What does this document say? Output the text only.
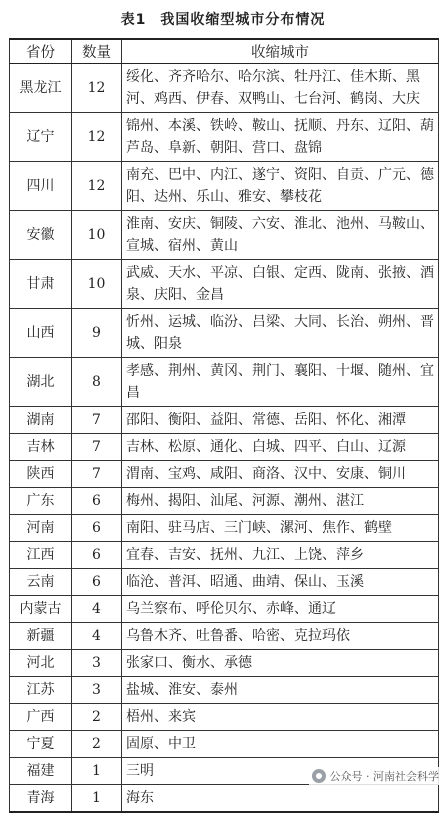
表1 我国收缩型城市分布情况
省份	数量	收缩城市
黑龙江	12	绥化、齐齐哈尔、哈尔滨、牡丹江、佳木斯、黑河、鸡西、伊春、双鸭山、七台河、鹤岗、大庆
辽宁	12	锦州、本溪、铁岭、鞍山、抚顺、丹东、辽阳、葫芦岛、阜新、朝阳、营口、盘锦
四川	12	南充、巴中、内江、遂宁、资阳、自贡、广元、德阳、达州、乐山、雅安、攀枝花
安徽	10	淮南、安庆、铜陵、六安、淮北、池州、马鞍山、宣城、宿州、黄山
甘肃	10	武威、天水、平凉、白银、定西、陇南、张掖、酒泉、庆阳、金昌
山西	9	忻州、运城、临汾、吕梁、大同、长治、朔州、晋城、阳泉
湖北	8	孝感、荆州、黄冈、荆门、襄阳、十堰、随州、宜昌
湖南	7	邵阳、衡阳、益阳、常德、岳阳、怀化、湘潭
吉林	7	吉林、松原、通化、白城、四平、白山、辽源
陕西	7	渭南、宝鸡、咸阳、商洛、汉中、安康、铜川
广东	6	梅州、揭阳、汕尾、河源、潮州、湛江
河南	6	南阳、驻马店、三门峡、漯河、焦作、鹤壁
江西	6	宜春、吉安、抚州、九江、上饶、萍乡
云南	6	临沧、普洱、昭通、曲靖、保山、玉溪
内蒙古	4	乌兰察布、呼伦贝尔、赤峰、通辽
新疆	4	乌鲁木齐、吐鲁番、哈密、克拉玛依
河北	3	张家口、衡水、承德
江苏	3	盐城、淮安、泰州
广西	2	梧州、来宾
宁夏	2	固原、中卫
福建	1	三明
青海	1	海东
公众号 · 河南社会科学
